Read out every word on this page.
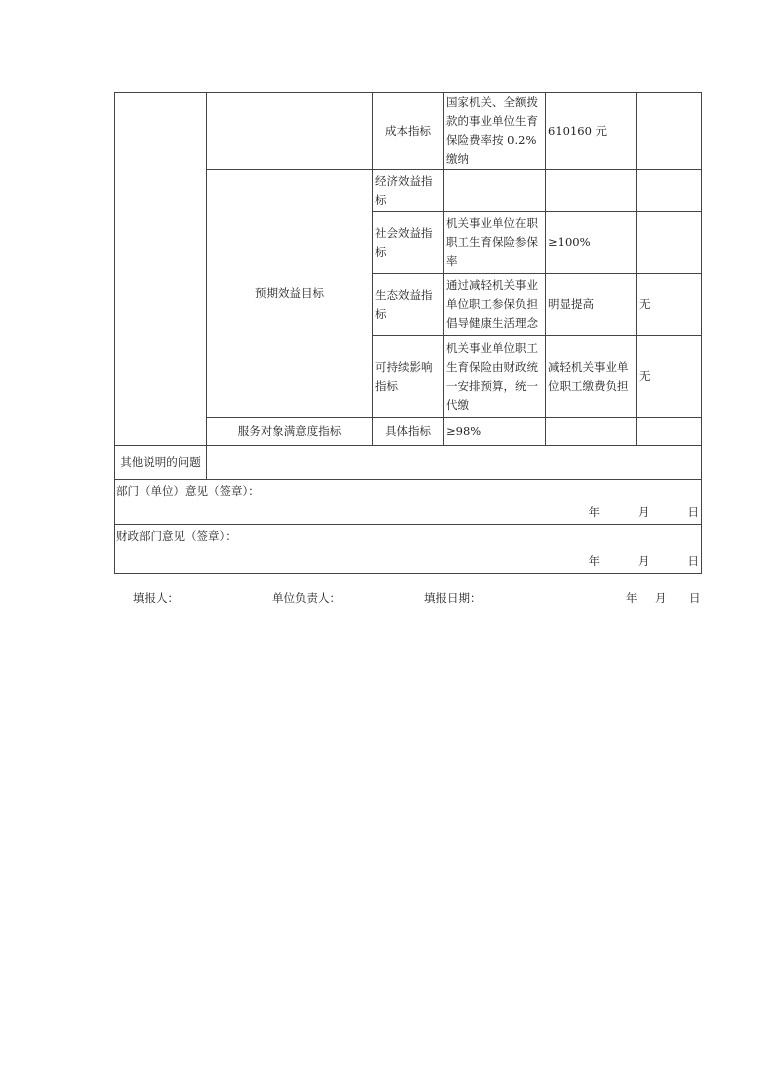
		成本指标	国家机关、全额拨款的事业单位生育保险费率按 0.2%缴纳	610160 元	
	预期效益目标	经济效益指标			
		社会效益指标	机关事业单位在职职工生育保险参保率	≥100%	
		生态效益指标	通过减轻机关事业单位职工参保负担倡导健康生活理念	明显提高	无
		可持续影响指标	机关事业单位职工生育保险由财政统一安排预算，统一代缴	减轻机关事业单位职工缴费负担	无
	服务对象满意度指标	具体指标	≥98%		

其他说明的问题					

部门（单位）意见（签章）：
年 月 日					

财政部门意见（签章）：
年 月 日					
填报人：	单位负责人：	填报日期：	年 月 日
